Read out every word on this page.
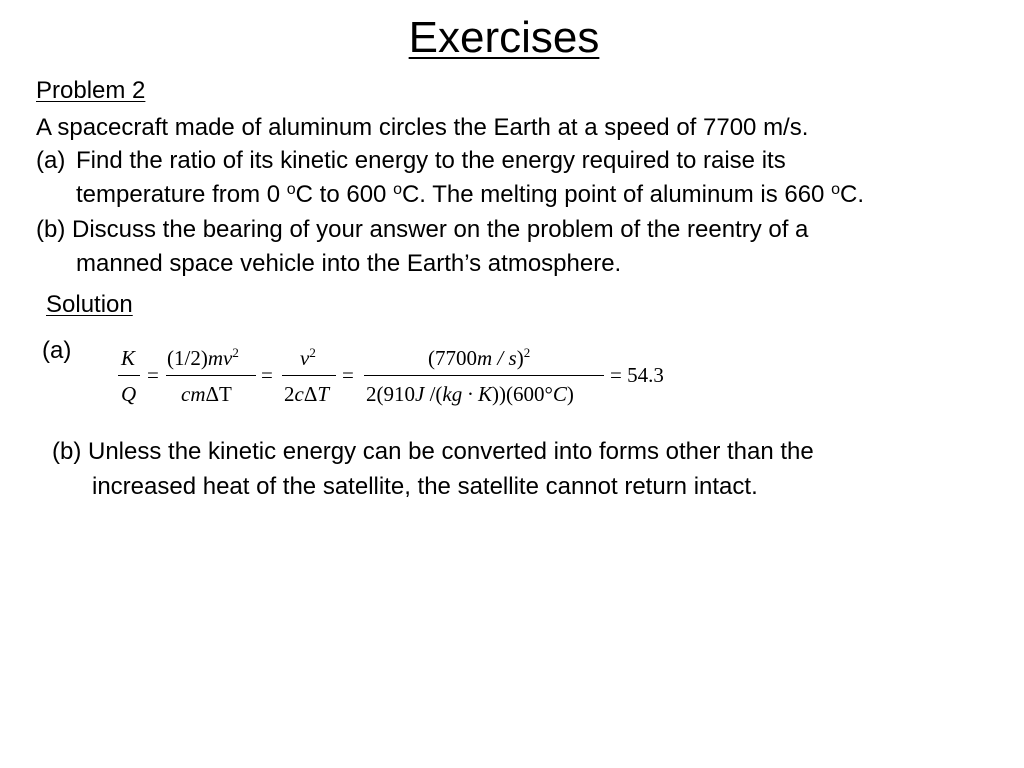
Exercises
Problem 2
A spacecraft made of aluminum circles the Earth at a speed of 7700 m/s.
(a) Find the ratio of its kinetic energy to the energy required to raise its
temperature from 0 $^o$C to 600 $^o$C. The melting point of aluminum is 660 $^o$C.
(b) Discuss the bearing of your answer on the problem of the reentry of a
manned space vehicle into the Earth’s atmosphere.
Solution
(a) K
Q
=
$(1/2)mv^2$
cmΔT
=
$v^2$
2cΔT
=
(7700m / s)$^2$
2(910J /(kg · K))(600°C)
= 54.3
(b) Unless the kinetic energy can be converted into forms other than the
increased heat of the satellite, the satellite cannot return intact.
